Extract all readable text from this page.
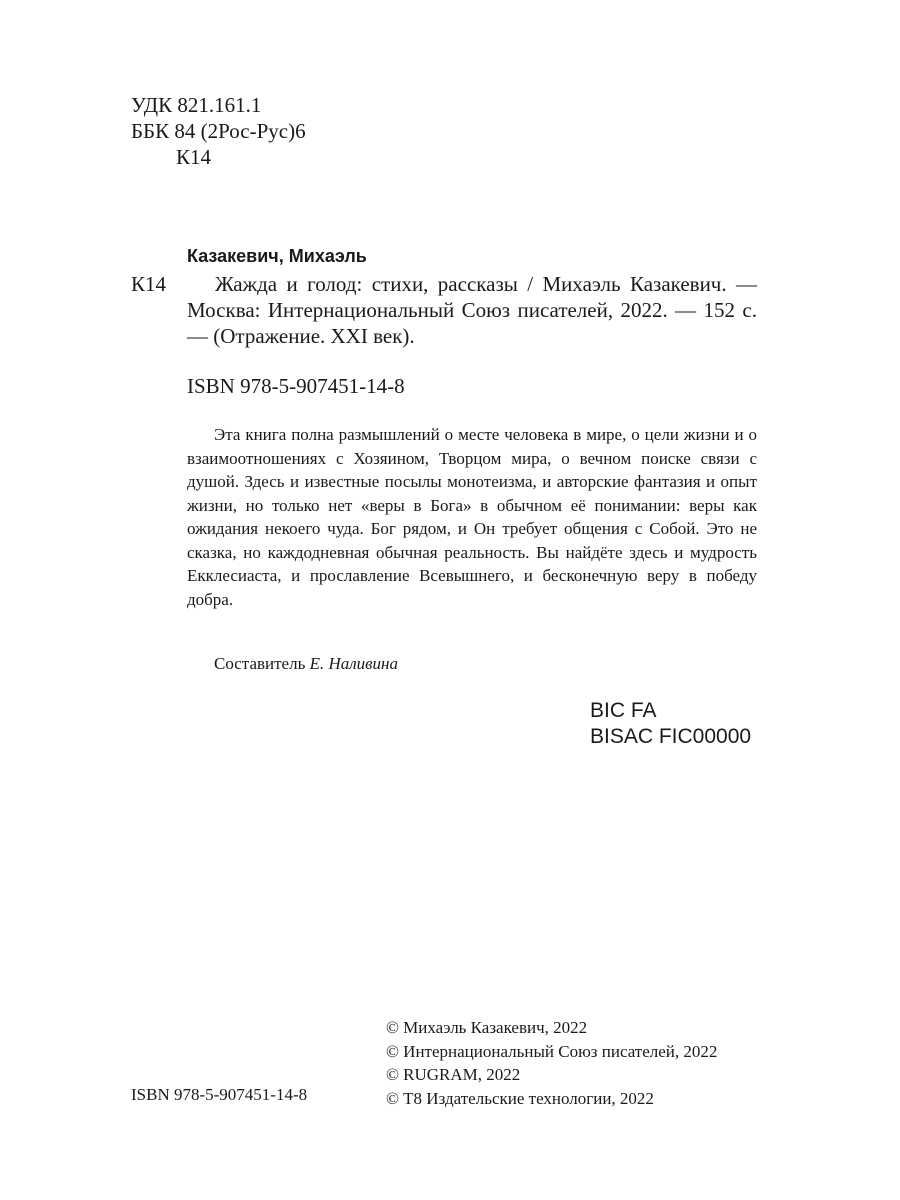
УДК 821.161.1
ББК 84 (2Рос-Рус)6
К14
Казакевич, Михаэль
К14	Жажда и голод: стихи, рассказы / Михаэль Казакевич. — Москва: Интернациональный Союз писателей, 2022. — 152 с. — (Отражение. XXI век).

ISBN 978-5-907451-14-8

Эта книга полна размышлений о месте человека в мире, о цели жизни и о взаимоотношениях с Хозяином, Творцом мира, о вечном поиске связи с душой. Здесь и известные посылы монотеизма, и авторские фантазия и опыт жизни, но только нет «веры в Бога» в обычном её понимании: веры как ожидания некоего чуда. Бог рядом, и Он требует общения с Собой. Это не сказка, но каждодневная обычная реальность. Вы найдёте здесь и мудрость Екклесиаста, и прославление Всевышнего, и бесконечную веру в победу добра.

Составитель Е. Наливина
BIC FA
BISAC FIC00000
© Михаэль Казакевич, 2022
© Интернациональный Союз писателей, 2022
© RUGRAM, 2022
© Т8 Издательские технологии, 2022
ISBN 978-5-907451-14-8
